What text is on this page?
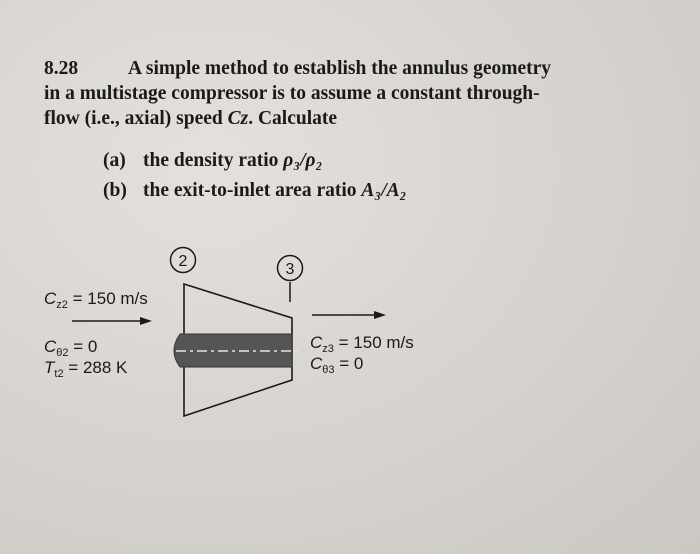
8.28	A simple method to establish the annulus geometry
in a multistage compressor is to assume a constant through-
flow (i.e., axial) speed Cz. Calculate
(a) the density ratio ρ₃/ρ₂
(b) the exit-to-inlet area ratio A₃/A₂
2	3
$C_{z2} = 150$ m/s
$C_{\theta 2} = 0$
$T_{t2} = 288$ K
$C_{z3} = 150$ m/s
$C_{\theta 3} = 0$
